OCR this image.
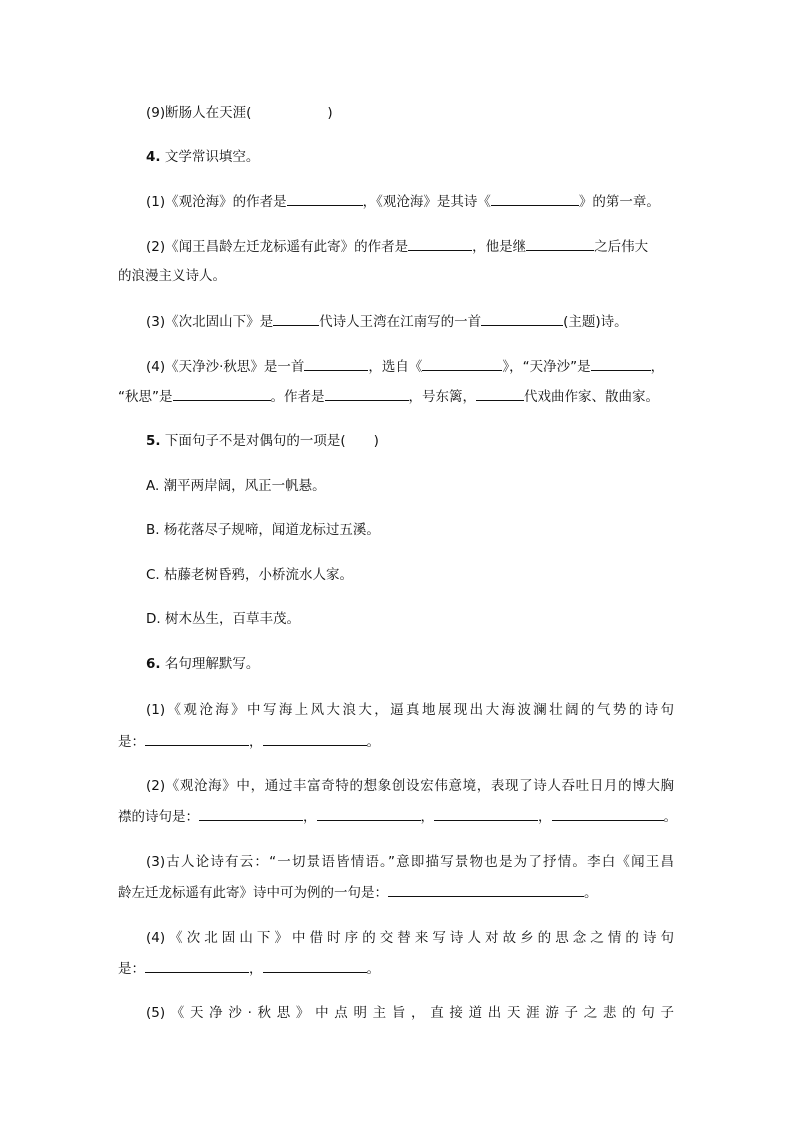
(9)断肠人在天涯(	)
4. 文学常识填空。
(1)《观沧海》的作者是	，《观沧海》是其诗《	》的第一章。
(2)《闻王昌龄左迁龙标遥有此寄》的作者是	，他是继	之后伟大
的浪漫主义诗人。
(3)《次北固山下》是	代诗人王湾在江南写的一首	(主题)诗。
(4)《天净沙·秋思》是一首	，选自《	》，“天净沙”是	，
“秋思”是	。作者是	，号东篱，	代戏曲作家、散曲家。
5. 下面句子不是对偶句的一项是( )
A. 潮平两岸阔，风正一帆悬。
B. 杨花落尽子规啼，闻道龙标过五溪。
C. 枯藤老树昏鸦，小桥流水人家。
D. 树木丛生，百草丰茂。
6. 名句理解默写。
(1)《观沧海》中写海上风大浪大，逼真地展现出大海波澜壮阔的气势的诗句
是：	，	。
(2)《观沧海》中，通过丰富奇特的想象创设宏伟意境，表现了诗人吞吐日月的博大胸
襟的诗句是：	，	，	，	。
(3)古人论诗有云：“一切景语皆情语。”意即描写景物也是为了抒情。李白《闻王昌
龄左迁龙标遥有此寄》诗中可为例的一句是：	。
(4)《次北固山下》中借时序的交替来写诗人对故乡的思念之情的诗句
是：	，	。
(5)《天净沙·秋思》中点明主旨，直接道出天涯游子之悲的句子
